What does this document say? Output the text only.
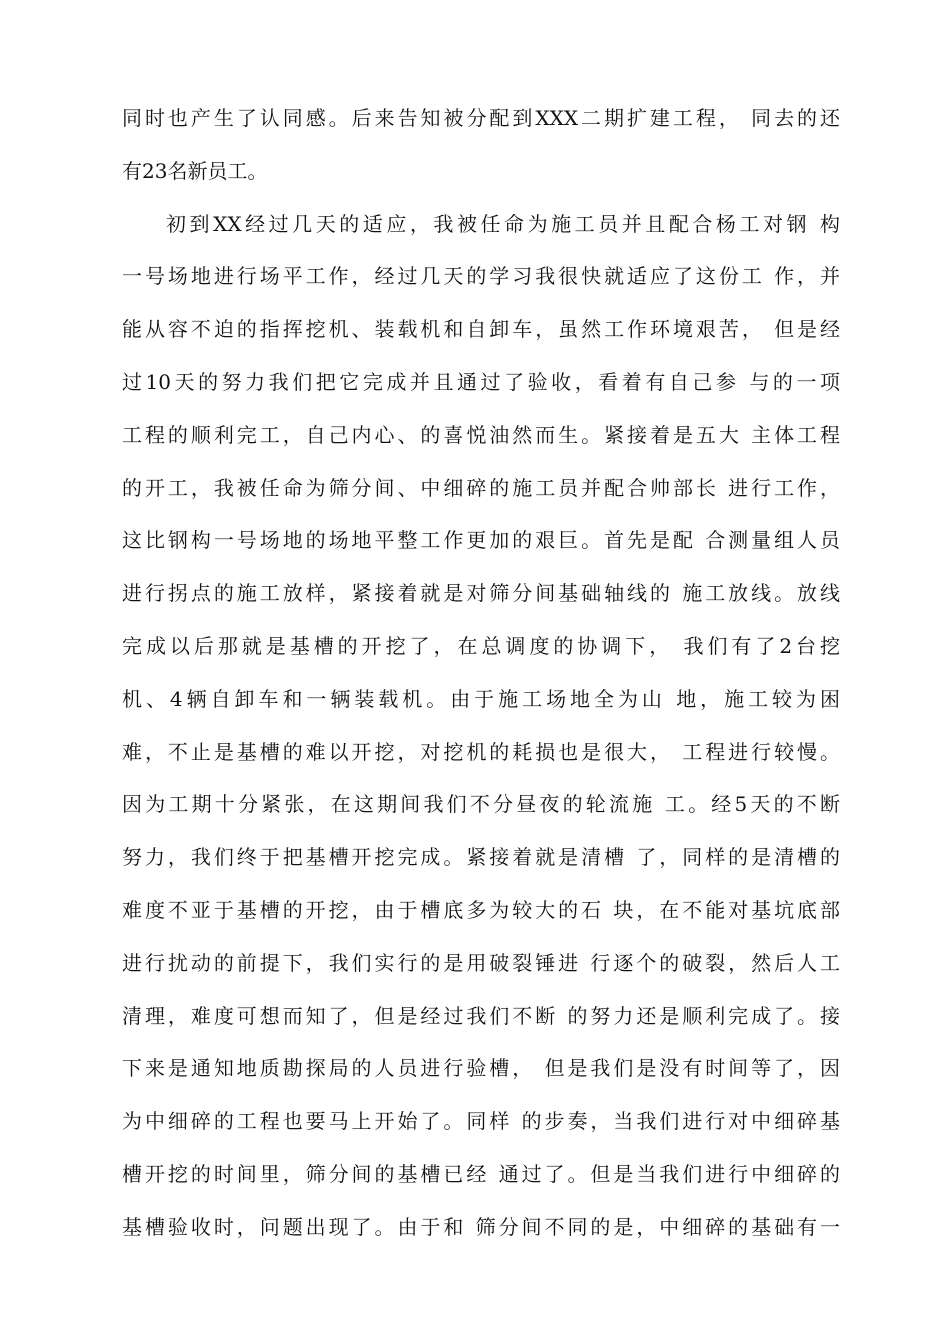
同时也产生了认同感。后来告知被分配到XXX二期扩建工程， 同去的还
有23名新员工。
初到XX经过几天的适应，我被任命为施工员并且配合杨工对钢 构
一号场地进行场平工作，经过几天的学习我很快就适应了这份工 作，并
能从容不迫的指挥挖机、装载机和自卸车，虽然工作环境艰苦， 但是经
过10天的努力我们把它完成并且通过了验收，看着有自己参 与的一项
工程的顺利完工，自己内心、的喜悦油然而生。紧接着是五大 主体工程
的开工，我被任命为筛分间、中细碎的施工员并配合帅部长 进行工作，
这比钢构一号场地的场地平整工作更加的艰巨。首先是配 合测量组人员
进行拐点的施工放样，紧接着就是对筛分间基础轴线的 施工放线。放线
完成以后那就是基槽的开挖了，在总调度的协调下， 我们有了2台挖
机、4辆自卸车和一辆装载机。由于施工场地全为山 地，施工较为困
难，不止是基槽的难以开挖，对挖机的耗损也是很大， 工程进行较慢。
因为工期十分紧张，在这期间我们不分昼夜的轮流施 工。经5天的不断
努力，我们终于把基槽开挖完成。紧接着就是清槽 了，同样的是清槽的
难度不亚于基槽的开挖，由于槽底多为较大的石 块，在不能对基坑底部
进行扰动的前提下，我们实行的是用破裂锤进 行逐个的破裂，然后人工
清理，难度可想而知了，但是经过我们不断 的努力还是顺利完成了。接
下来是通知地质勘探局的人员进行验槽， 但是我们是没有时间等了，因
为中细碎的工程也要马上开始了。同样 的步奏，当我们进行对中细碎基
槽开挖的时间里，筛分间的基槽已经 通过了。但是当我们进行中细碎的
基槽验收时，问题出现了。由于和 筛分间不同的是，中细碎的基础有一
